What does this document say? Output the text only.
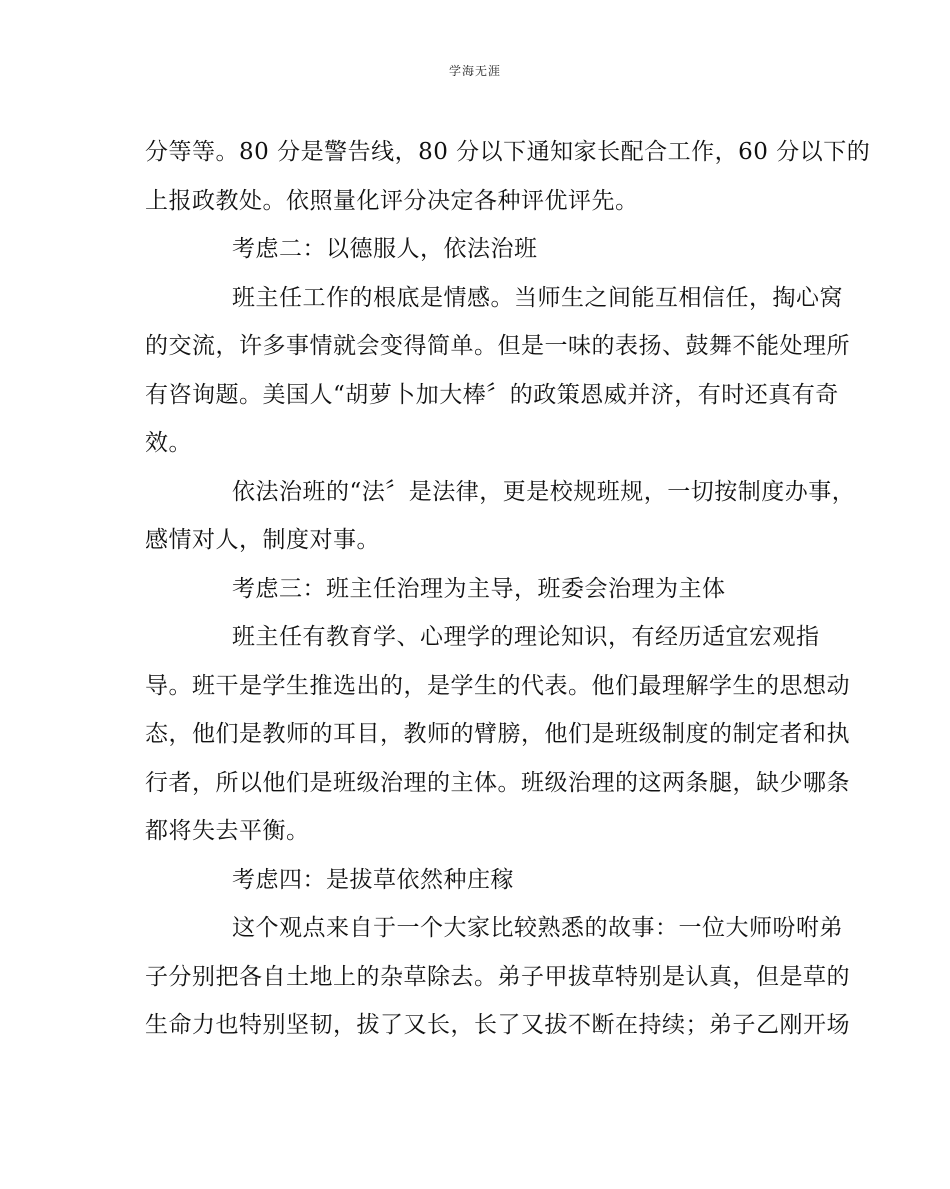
学海无涯
分等等。80 分是警告线，80 分以下通知家长配合工作，60 分以下的
上报政教处。依照量化评分决定各种评优评先。
考虑二：以德服人，依法治班
班主任工作的根底是情感。当师生之间能互相信任，掏心窝
的交流，许多事情就会变得简单。但是一味的表扬、鼓舞不能处理所
有咨询题。美国人“胡萝卜加大棒〞的政策恩威并济，有时还真有奇
效。
依法治班的“法〞是法律，更是校规班规，一切按制度办事，
感情对人，制度对事。
考虑三：班主任治理为主导，班委会治理为主体
班主任有教育学、心理学的理论知识，有经历适宜宏观指
导。班干是学生推选出的，是学生的代表。他们最理解学生的思想动
态，他们是教师的耳目，教师的臂膀，他们是班级制度的制定者和执
行者，所以他们是班级治理的主体。班级治理的这两条腿，缺少哪条
都将失去平衡。
考虑四：是拔草依然种庄稼
这个观点来自于一个大家比较熟悉的故事：一位大师吩咐弟
子分别把各自土地上的杂草除去。弟子甲拔草特别是认真，但是草的
生命力也特别坚韧，拔了又长，长了又拔不断在持续；弟子乙刚开场
